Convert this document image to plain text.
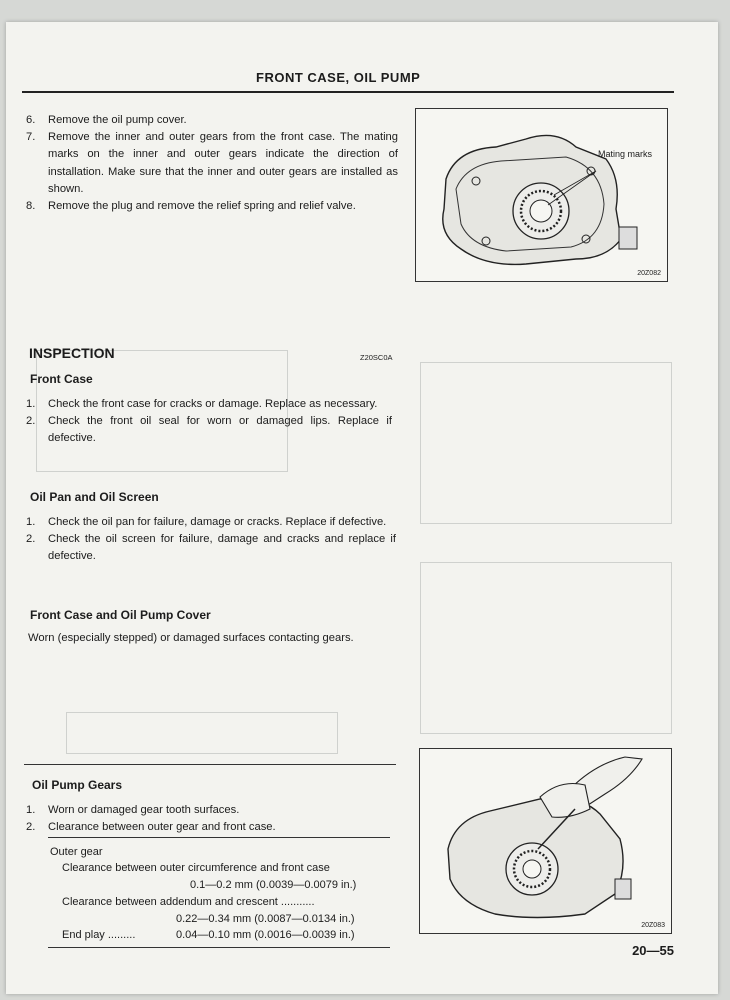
FRONT CASE, OIL PUMP
6.	Remove the oil pump cover.
7.	Remove the inner and outer gears from the front case. The mating marks on the inner and outer gears indicate the direction of installation. Make sure that the inner and outer gears are installed as shown.
8.	Remove the plug and remove the relief spring and relief valve.
Mating marks
20Z082
INSPECTION	Z20SC0A
Front Case
1.	Check the front case for cracks or damage. Replace as necessary.
2.	Check the front oil seal for worn or damaged lips. Replace if defective.
Oil Pan and Oil Screen
1.	Check the oil pan for failure, damage or cracks. Replace if defective.
2.	Check the oil screen for failure, damage and cracks and replace if defective.
Front Case and Oil Pump Cover
Worn (especially stepped) or damaged surfaces contacting gears.
Oil Pump Gears
1.	Worn or damaged gear tooth surfaces.
2.	Clearance between outer gear and front case.
Outer gear
Clearance between outer circumference and front case
0.1—0.2 mm (0.0039—0.0079 in.)
Clearance between addendum and crescent ...........
0.22—0.34 mm (0.0087—0.0134 in.)
End play .........	0.04—0.10 mm (0.0016—0.0039 in.)
20Z083
20—55
